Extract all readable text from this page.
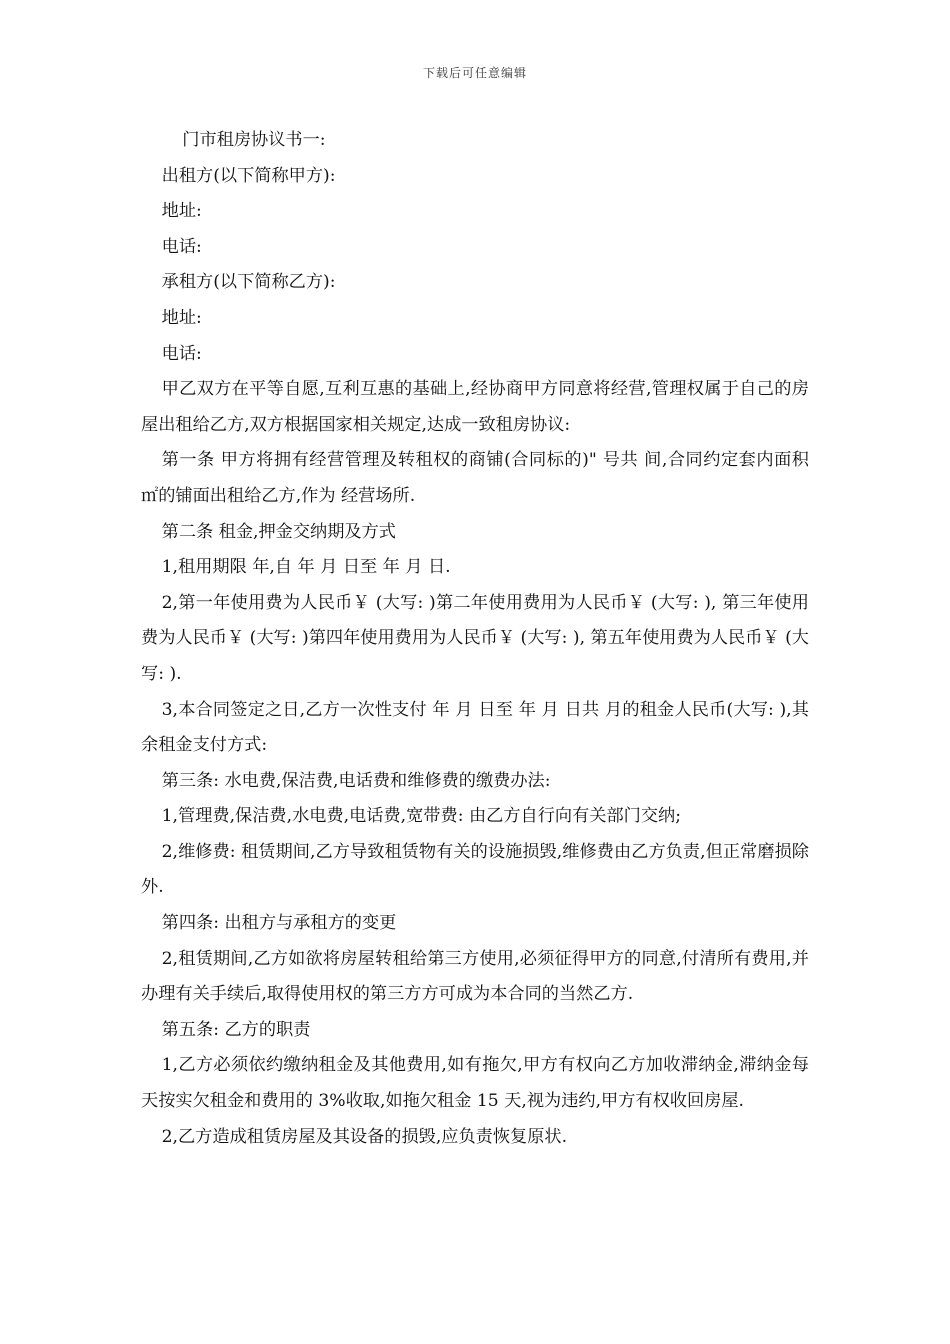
下载后可任意编辑

门市租房协议书一:

出租方(以下简称甲方):

地址:

电话:

承租方(以下简称乙方):

地址:

电话:

甲乙双方在平等自愿,互利互惠的基础上,经协商甲方同意将经营,管理权属于自己的房屋出租给乙方,双方根据国家相关规定,达成一致租房协议:

第一条 甲方将拥有经营管理及转租权的商铺(合同标的)" 号共 间,合同约定套内面积 ㎡的铺面出租给乙方,作为 经营场所.

第二条 租金,押金交纳期及方式

1,租用期限 年,自 年 月 日至 年 月 日.

2,第一年使用费为人民币￥ (大写: )第二年使用费用为人民币￥ (大写: ), 第三年使用费为人民币￥ (大写: )第四年使用费用为人民币￥ (大写: ), 第五年使用费为人民币￥ (大写: ).

3,本合同签定之日,乙方一次性支付 年 月 日至 年 月 日共 月的租金人民币(大写: ),其余租金支付方式:

第三条: 水电费,保洁费,电话费和维修费的缴费办法:

1,管理费,保洁费,水电费,电话费,宽带费: 由乙方自行向有关部门交纳;

2,维修费: 租赁期间,乙方导致租赁物有关的设施损毁,维修费由乙方负责,但正常磨损除外.

第四条: 出租方与承租方的变更

2,租赁期间,乙方如欲将房屋转租给第三方使用,必须征得甲方的同意,付清所有费用,并办理有关手续后,取得使用权的第三方方可成为本合同的当然乙方.

第五条: 乙方的职责

1,乙方必须依约缴纳租金及其他费用,如有拖欠,甲方有权向乙方加收滞纳金,滞纳金每天按实欠租金和费用的 3%收取,如拖欠租金 15 天,视为违约,甲方有权收回房屋.

2,乙方造成租赁房屋及其设备的损毁,应负责恢复原状.
